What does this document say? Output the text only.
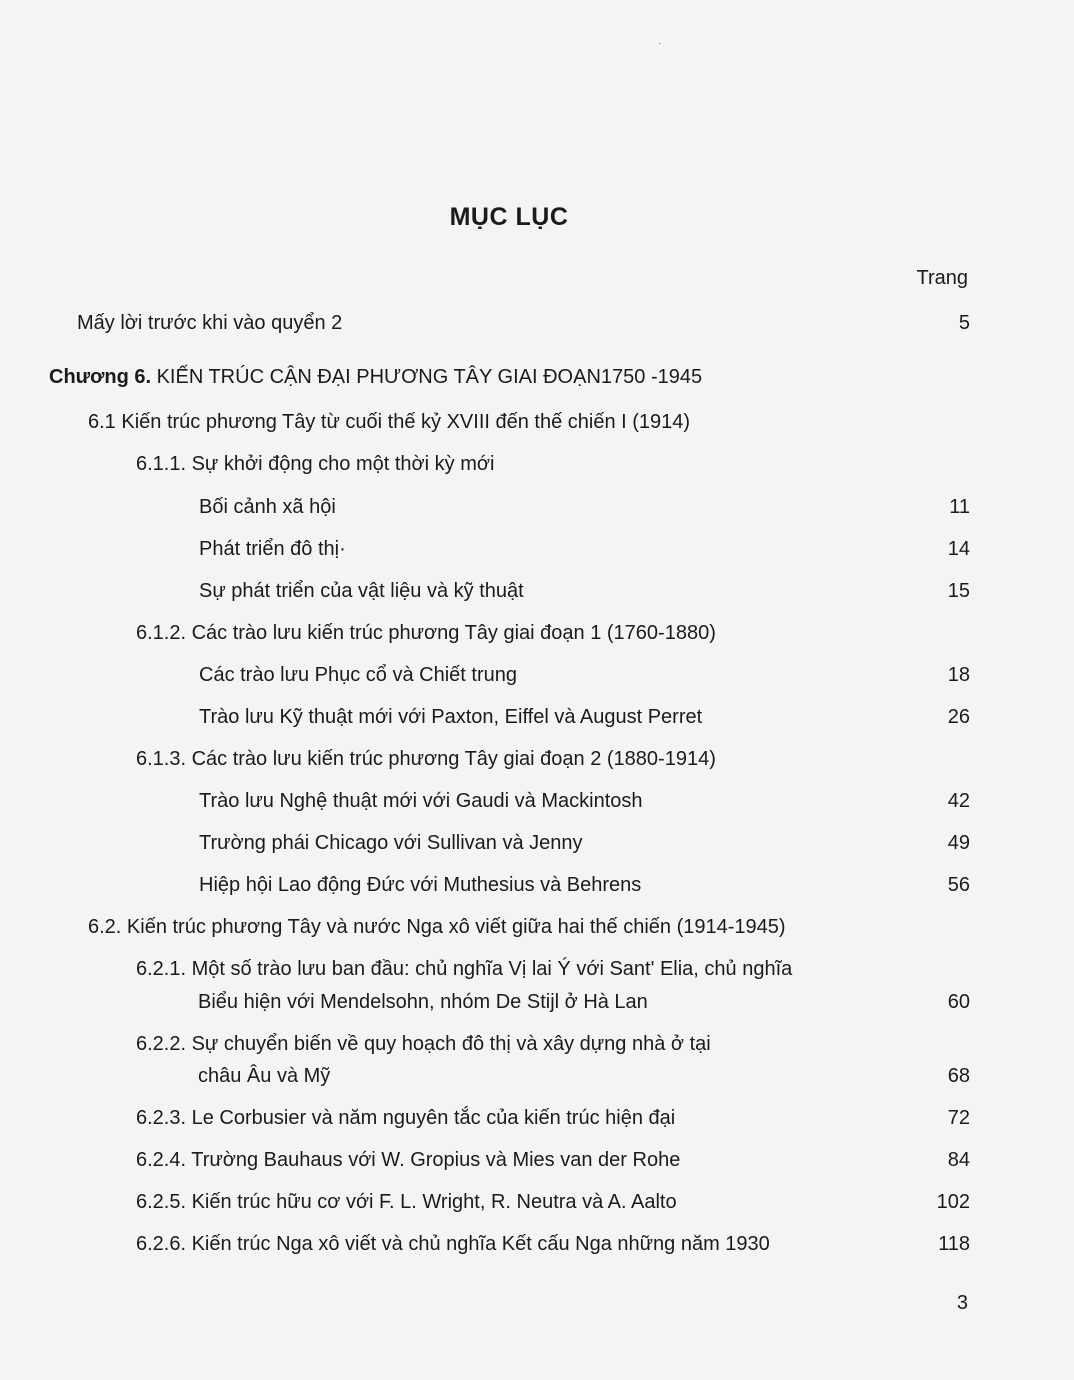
·
MỤC LỤC
Trang
Mấy lời trước khi vào quyển 2	5
Chương 6. KIẾN TRÚC CẬN ĐẠI PHƯƠNG TÂY GIAI ĐOẠN1750 -1945
6.1 Kiến trúc phương Tây từ cuối thế kỷ XVIII đến thế chiến I (1914)
6.1.1. Sự khởi động cho một thời kỳ mới
Bối cảnh xã hội	11
Phát triển đô thị·	14
Sự phát triển của vật liệu và kỹ thuật	15
6.1.2. Các trào lưu kiến trúc phương Tây giai đoạn 1 (1760-1880)
Các trào lưu Phục cổ và Chiết trung	18
Trào lưu Kỹ thuật mới với Paxton, Eiffel và August Perret	26
6.1.3. Các trào lưu kiến trúc phương Tây giai đoạn 2 (1880-1914)
Trào lưu Nghệ thuật mới với Gaudi và Mackintosh	42
Trường phái Chicago với Sullivan và Jenny	49
Hiệp hội Lao động Đức với Muthesius và Behrens	56
6.2. Kiến trúc phương Tây và nước Nga xô viết giữa hai thế chiến (1914-1945)
6.2.1. Một số trào lưu ban đầu: chủ nghĩa Vị lai Ý với Sant' Elia, chủ nghĩa
Biểu hiện với Mendelsohn, nhóm De Stijl ở Hà Lan	60
6.2.2. Sự chuyển biến về quy hoạch đô thị và xây dựng nhà ở tại
châu Âu và Mỹ	68
6.2.3. Le Corbusier và năm nguyên tắc của kiến trúc hiện đại	72
6.2.4. Trường Bauhaus với W. Gropius và Mies van der Rohe	84
6.2.5. Kiến trúc hữu cơ với F. L. Wright, R. Neutra và A. Aalto	102
6.2.6. Kiến trúc Nga xô viết và chủ nghĩa Kết cấu Nga những năm 1930	118
3
